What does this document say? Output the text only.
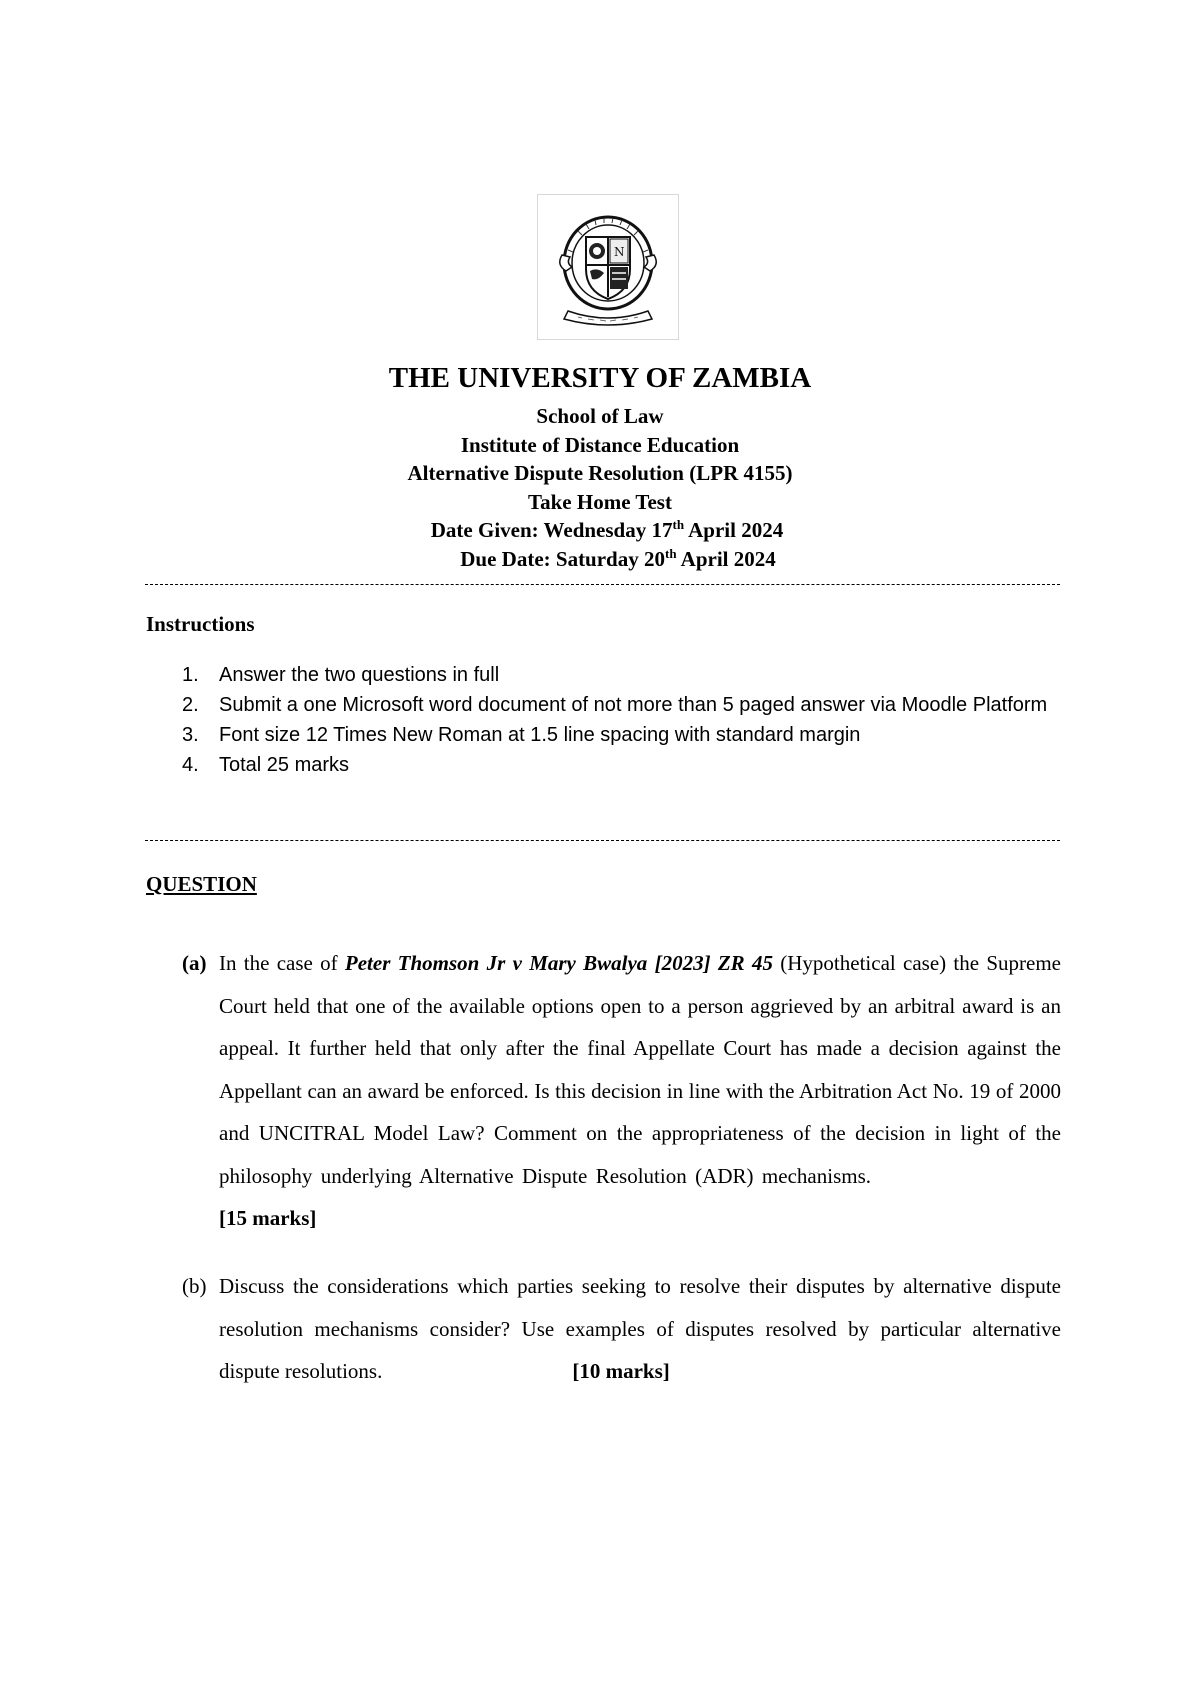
N
THE UNIVERSITY OF ZAMBIA
School of Law
Institute of Distance Education
Alternative Dispute Resolution (LPR 4155)
Take Home Test
Date Given: Wednesday 17th April 2024
Due Date: Saturday 20th April 2024
Instructions
1. Answer the two questions in full
2. Submit a one Microsoft word document of not more than 5 paged answer via Moodle Platform
3. Font size 12 Times New Roman at 1.5 line spacing with standard margin
4. Total 25 marks
QUESTION
(a) In the case of Peter Thomson Jr v Mary Bwalya [2023] ZR 45 (Hypothetical case) the Supreme Court held that one of the available options open to a person aggrieved by an arbitral award is an appeal. It further held that only after the final Appellate Court has made a decision against the Appellant can an award be enforced. Is this decision in line with the Arbitration Act No. 19 of 2000 and UNCITRAL Model Law? Comment on the appropriateness of the decision in light of the philosophy underlying Alternative Dispute Resolution (ADR) mechanisms.[15 marks]
(b) Discuss the considerations which parties seeking to resolve their disputes by alternative dispute resolution mechanisms consider? Use examples of disputes resolved by particular alternative dispute resolutions.	[10 marks]
